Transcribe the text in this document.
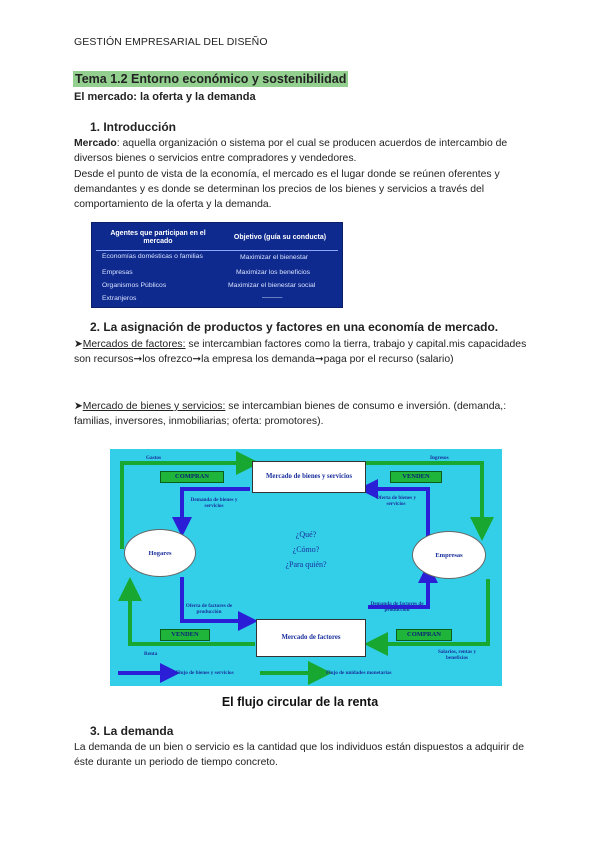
GESTIÓN EMPRESARIAL DEL DISEÑO
Tema 1.2 Entorno económico y sostenibilidad
El mercado: la oferta y la demanda
1. Introducción
Mercado: aquella organización o sistema por el cual se producen acuerdos de intercambio de diversos bienes o servicios entre compradores y vendedores.
Desde el punto de vista de la economía, el mercado es el lugar donde se reúnen oferentes y demandantes y es donde se determinan los precios de los bienes y servicios a través del comportamiento de la oferta y la demanda.
Agentes que participan en el mercado
Objetivo (guía su conducta)
Economías domésticas o familias	Maximizar el bienestar
Empresas	Maximizar los beneficios
Organismos Públicos	Maximizar el bienestar social
Extranjeros	———
2. La asignación de productos y factores en una economía de mercado.
➤Mercados de factores: se intercambian factores como la tierra, trabajo y capital.mis capacidades son recursos➞los ofrezco➞la empresa los demanda➞paga por el recurso (salario)
➤Mercado de bienes y servicios: se intercambian bienes de consumo e inversión. (demanda,: familias, inversores, inmobiliarias; oferta: promotores).
Gastos	Ingresos
COMPRAN	VENDEN
Mercado de bienes y servicios
Demanda de bienes y servicios
Oferta de bienes y servicios
Hogares	Empresas
¿Qué?
¿Cómo?
¿Para quién?
Oferta de factores de producción
Demanda de factores de producción
Mercado de factores
VENDEN	COMPRAN
Renta	Salarios, rentas y beneficios
Flujo de bienes y servicios	Flujo de unidades monetarias
El flujo circular de la renta
3. La demanda
La demanda de un bien o servicio es la cantidad que los individuos están dispuestos a adquirir de éste durante un periodo de tiempo concreto.
